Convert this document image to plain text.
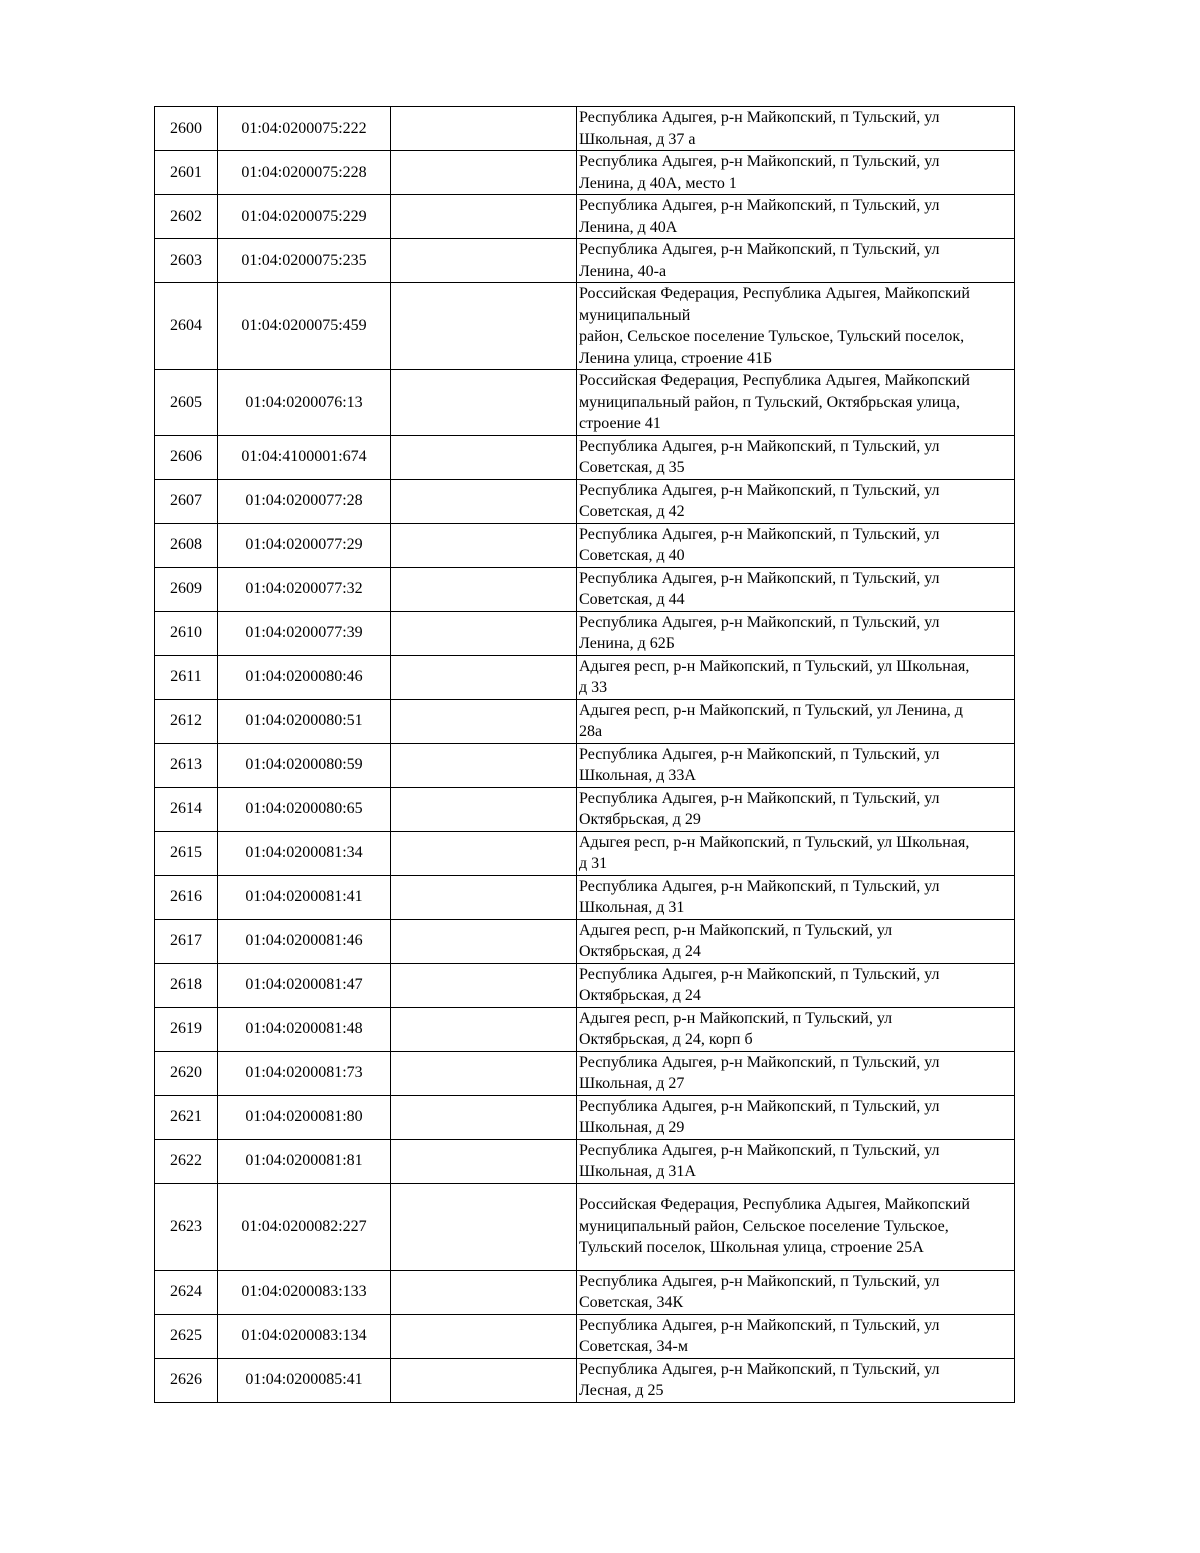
2600	01:04:0200075:222		Республика Адыгея, р-н Майкопский, п Тульский, ул
Школьная, д 37 а
2601	01:04:0200075:228		Республика Адыгея, р-н Майкопский, п Тульский, ул
Ленина, д 40А, место 1
2602	01:04:0200075:229		Республика Адыгея, р-н Майкопский, п Тульский, ул
Ленина, д 40А
2603	01:04:0200075:235		Республика Адыгея, р-н Майкопский, п Тульский, ул
Ленина, 40-а
2604	01:04:0200075:459		Российская Федерация, Республика Адыгея, Майкопский
муниципальный
район, Сельское поселение Тульское, Тульский поселок,
Ленина улица, строение 41Б
2605	01:04:0200076:13		Российская Федерация, Республика Адыгея, Майкопский
муниципальный район, п Тульский, Октябрьская улица,
строение 41
2606	01:04:4100001:674		Республика Адыгея, р-н Майкопский, п Тульский, ул
Советская, д 35
2607	01:04:0200077:28		Республика Адыгея, р-н Майкопский, п Тульский, ул
Советская, д 42
2608	01:04:0200077:29		Республика Адыгея, р-н Майкопский, п Тульский, ул
Советская, д 40
2609	01:04:0200077:32		Республика Адыгея, р-н Майкопский, п Тульский, ул
Советская, д 44
2610	01:04:0200077:39		Республика Адыгея, р-н Майкопский, п Тульский, ул
Ленина, д 62Б
2611	01:04:0200080:46		Адыгея респ, р-н Майкопский, п Тульский, ул Школьная,
д 33
2612	01:04:0200080:51		Адыгея респ, р-н Майкопский, п Тульский, ул Ленина, д
28а
2613	01:04:0200080:59		Республика Адыгея, р-н Майкопский, п Тульский, ул
Школьная, д 33А
2614	01:04:0200080:65		Республика Адыгея, р-н Майкопский, п Тульский, ул
Октябрьская, д 29
2615	01:04:0200081:34		Адыгея респ, р-н Майкопский, п Тульский, ул Школьная,
д 31
2616	01:04:0200081:41		Республика Адыгея, р-н Майкопский, п Тульский, ул
Школьная, д 31
2617	01:04:0200081:46		Адыгея респ, р-н Майкопский, п Тульский, ул
Октябрьская, д 24
2618	01:04:0200081:47		Республика Адыгея, р-н Майкопский, п Тульский, ул
Октябрьская, д 24
2619	01:04:0200081:48		Адыгея респ, р-н Майкопский, п Тульский, ул
Октябрьская, д 24, корп б
2620	01:04:0200081:73		Республика Адыгея, р-н Майкопский, п Тульский, ул
Школьная, д 27
2621	01:04:0200081:80		Республика Адыгея, р-н Майкопский, п Тульский, ул
Школьная, д 29
2622	01:04:0200081:81		Республика Адыгея, р-н Майкопский, п Тульский, ул
Школьная, д 31А
2623	01:04:0200082:227		Российская Федерация, Республика Адыгея, Майкопский
муниципальный район, Сельское поселение Тульское,
Тульский поселок, Школьная улица, строение 25А
2624	01:04:0200083:133		Республика Адыгея, р-н Майкопский, п Тульский, ул
Советская, 34К
2625	01:04:0200083:134		Республика Адыгея, р-н Майкопский, п Тульский, ул
Советская, 34-м
2626	01:04:0200085:41		Республика Адыгея, р-н Майкопский, п Тульский, ул
Лесная, д 25
